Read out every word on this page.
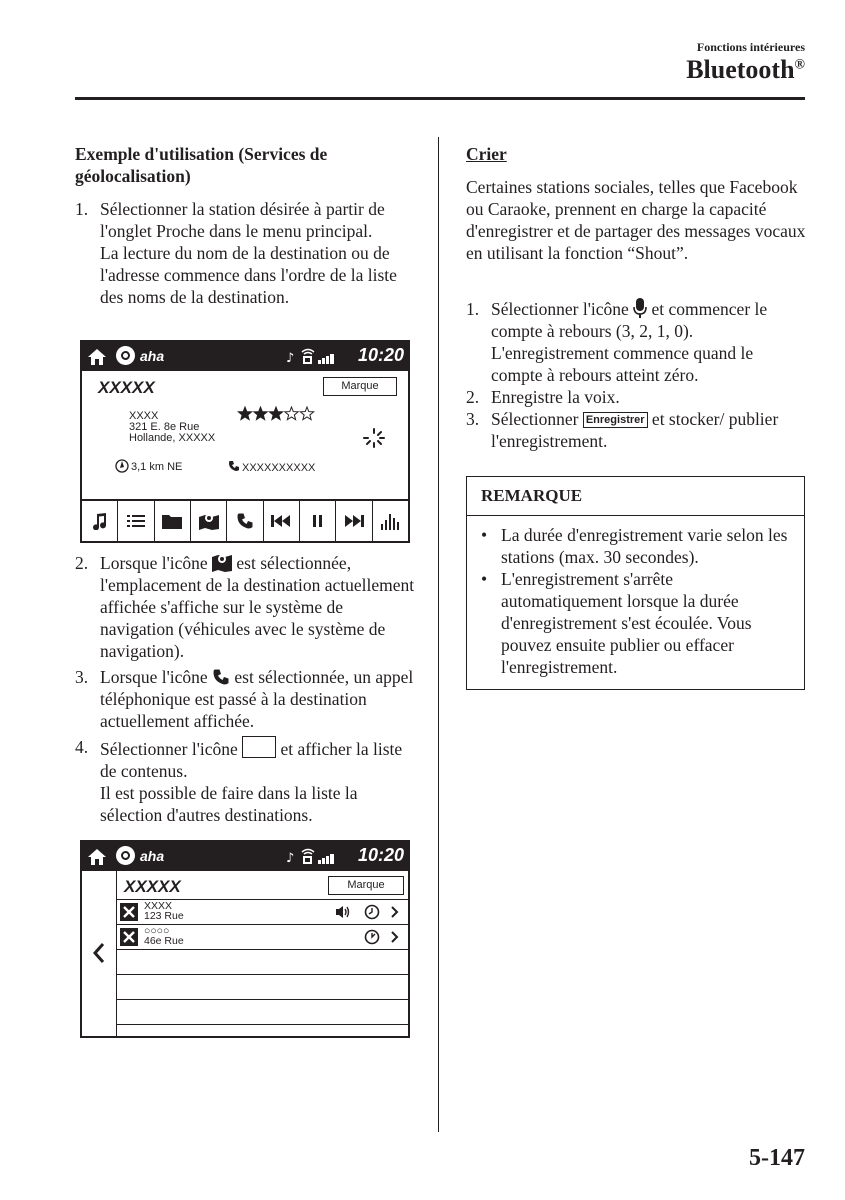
Fonctions intérieures
Bluetooth®
Exemple d'utilisation (Services de géolocalisation)
1. Sélectionner la station désirée à partir de l'onglet Proche dans le menu principal.
La lecture du nom de la destination ou de l'adresse commence dans l'ordre de la liste des noms de la destination.
aha	♪	10:20
XXXXX	Marque
XXXX
321 E. 8e Rue
Hollande, XXXXX
3,1 km NE	XXXXXXXXXX
2. Lorsque l'icône est sélectionnée, l'emplacement de la destination actuellement affichée s'affiche sur le système de navigation (véhicules avec le système de navigation).
3. Lorsque l'icône est sélectionnée, un appel téléphonique est passé à la destination actuellement affichée.
4. Sélectionner l'icône et afficher la liste de contenus.
Il est possible de faire dans la liste la sélection d'autres destinations.
aha	♪	10:20
XXXXX	Marque
XXXX
123 Rue
○○○○
46e Rue
Crier
Certaines stations sociales, telles que Facebook ou Caraoke, prennent en charge la capacité d'enregistrer et de partager des messages vocaux en utilisant la fonction “Shout”.
1. Sélectionner l'icône et commencer le compte à rebours (3, 2, 1, 0).
L'enregistrement commence quand le compte à rebours atteint zéro.
2. Enregistre la voix.
3. Sélectionner Enregistrer et stocker/ publier l'enregistrement.
REMARQUE
• La durée d'enregistrement varie selon les stations (max. 30 secondes).
• L'enregistrement s'arrête automatiquement lorsque la durée d'enregistrement s'est écoulée. Vous pouvez ensuite publier ou effacer l'enregistrement.
5-147
